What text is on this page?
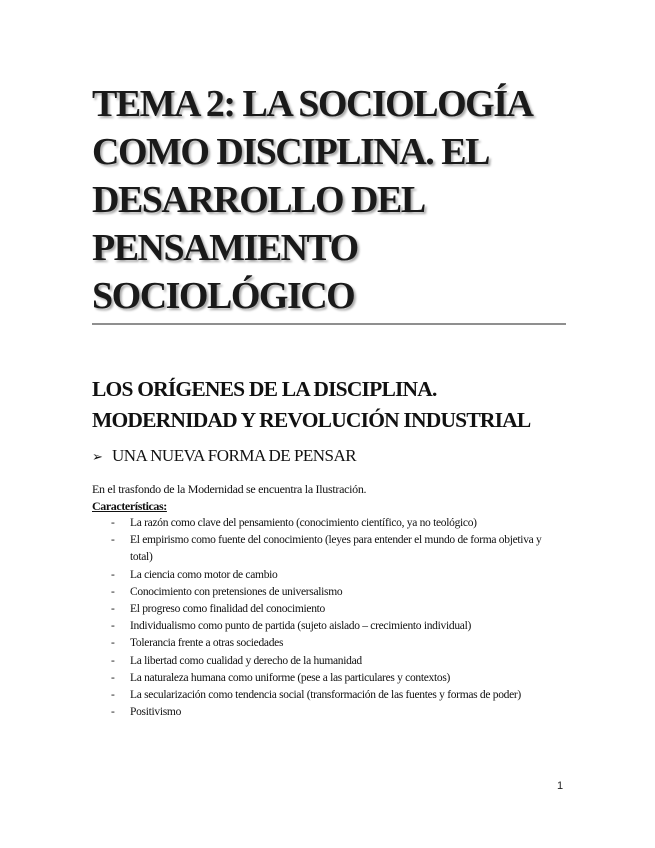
TEMA 2: LA SOCIOLOGÍA COMO DISCIPLINA. EL DESARROLLO DEL PENSAMIENTO SOCIOLÓGICO
LOS ORÍGENES DE LA DISCIPLINA. MODERNIDAD Y REVOLUCIÓN INDUSTRIAL
➢ UNA NUEVA FORMA DE PENSAR

En el trasfondo de la Modernidad se encuentra la Ilustración.

Características:

- La razón como clave del pensamiento (conocimiento científico, ya no teológico)
- El empirismo como fuente del conocimiento (leyes para entender el mundo de forma objetiva y total)
- La ciencia como motor de cambio
- Conocimiento con pretensiones de universalismo
- El progreso como finalidad del conocimiento
- Individualismo como punto de partida (sujeto aislado – crecimiento individual)
- Tolerancia frente a otras sociedades
- La libertad como cualidad y derecho de la humanidad
- La naturaleza humana como uniforme (pese a las particulares y contextos)
- La secularización como tendencia social (transformación de las fuentes y formas de poder)
- Positivismo
1
